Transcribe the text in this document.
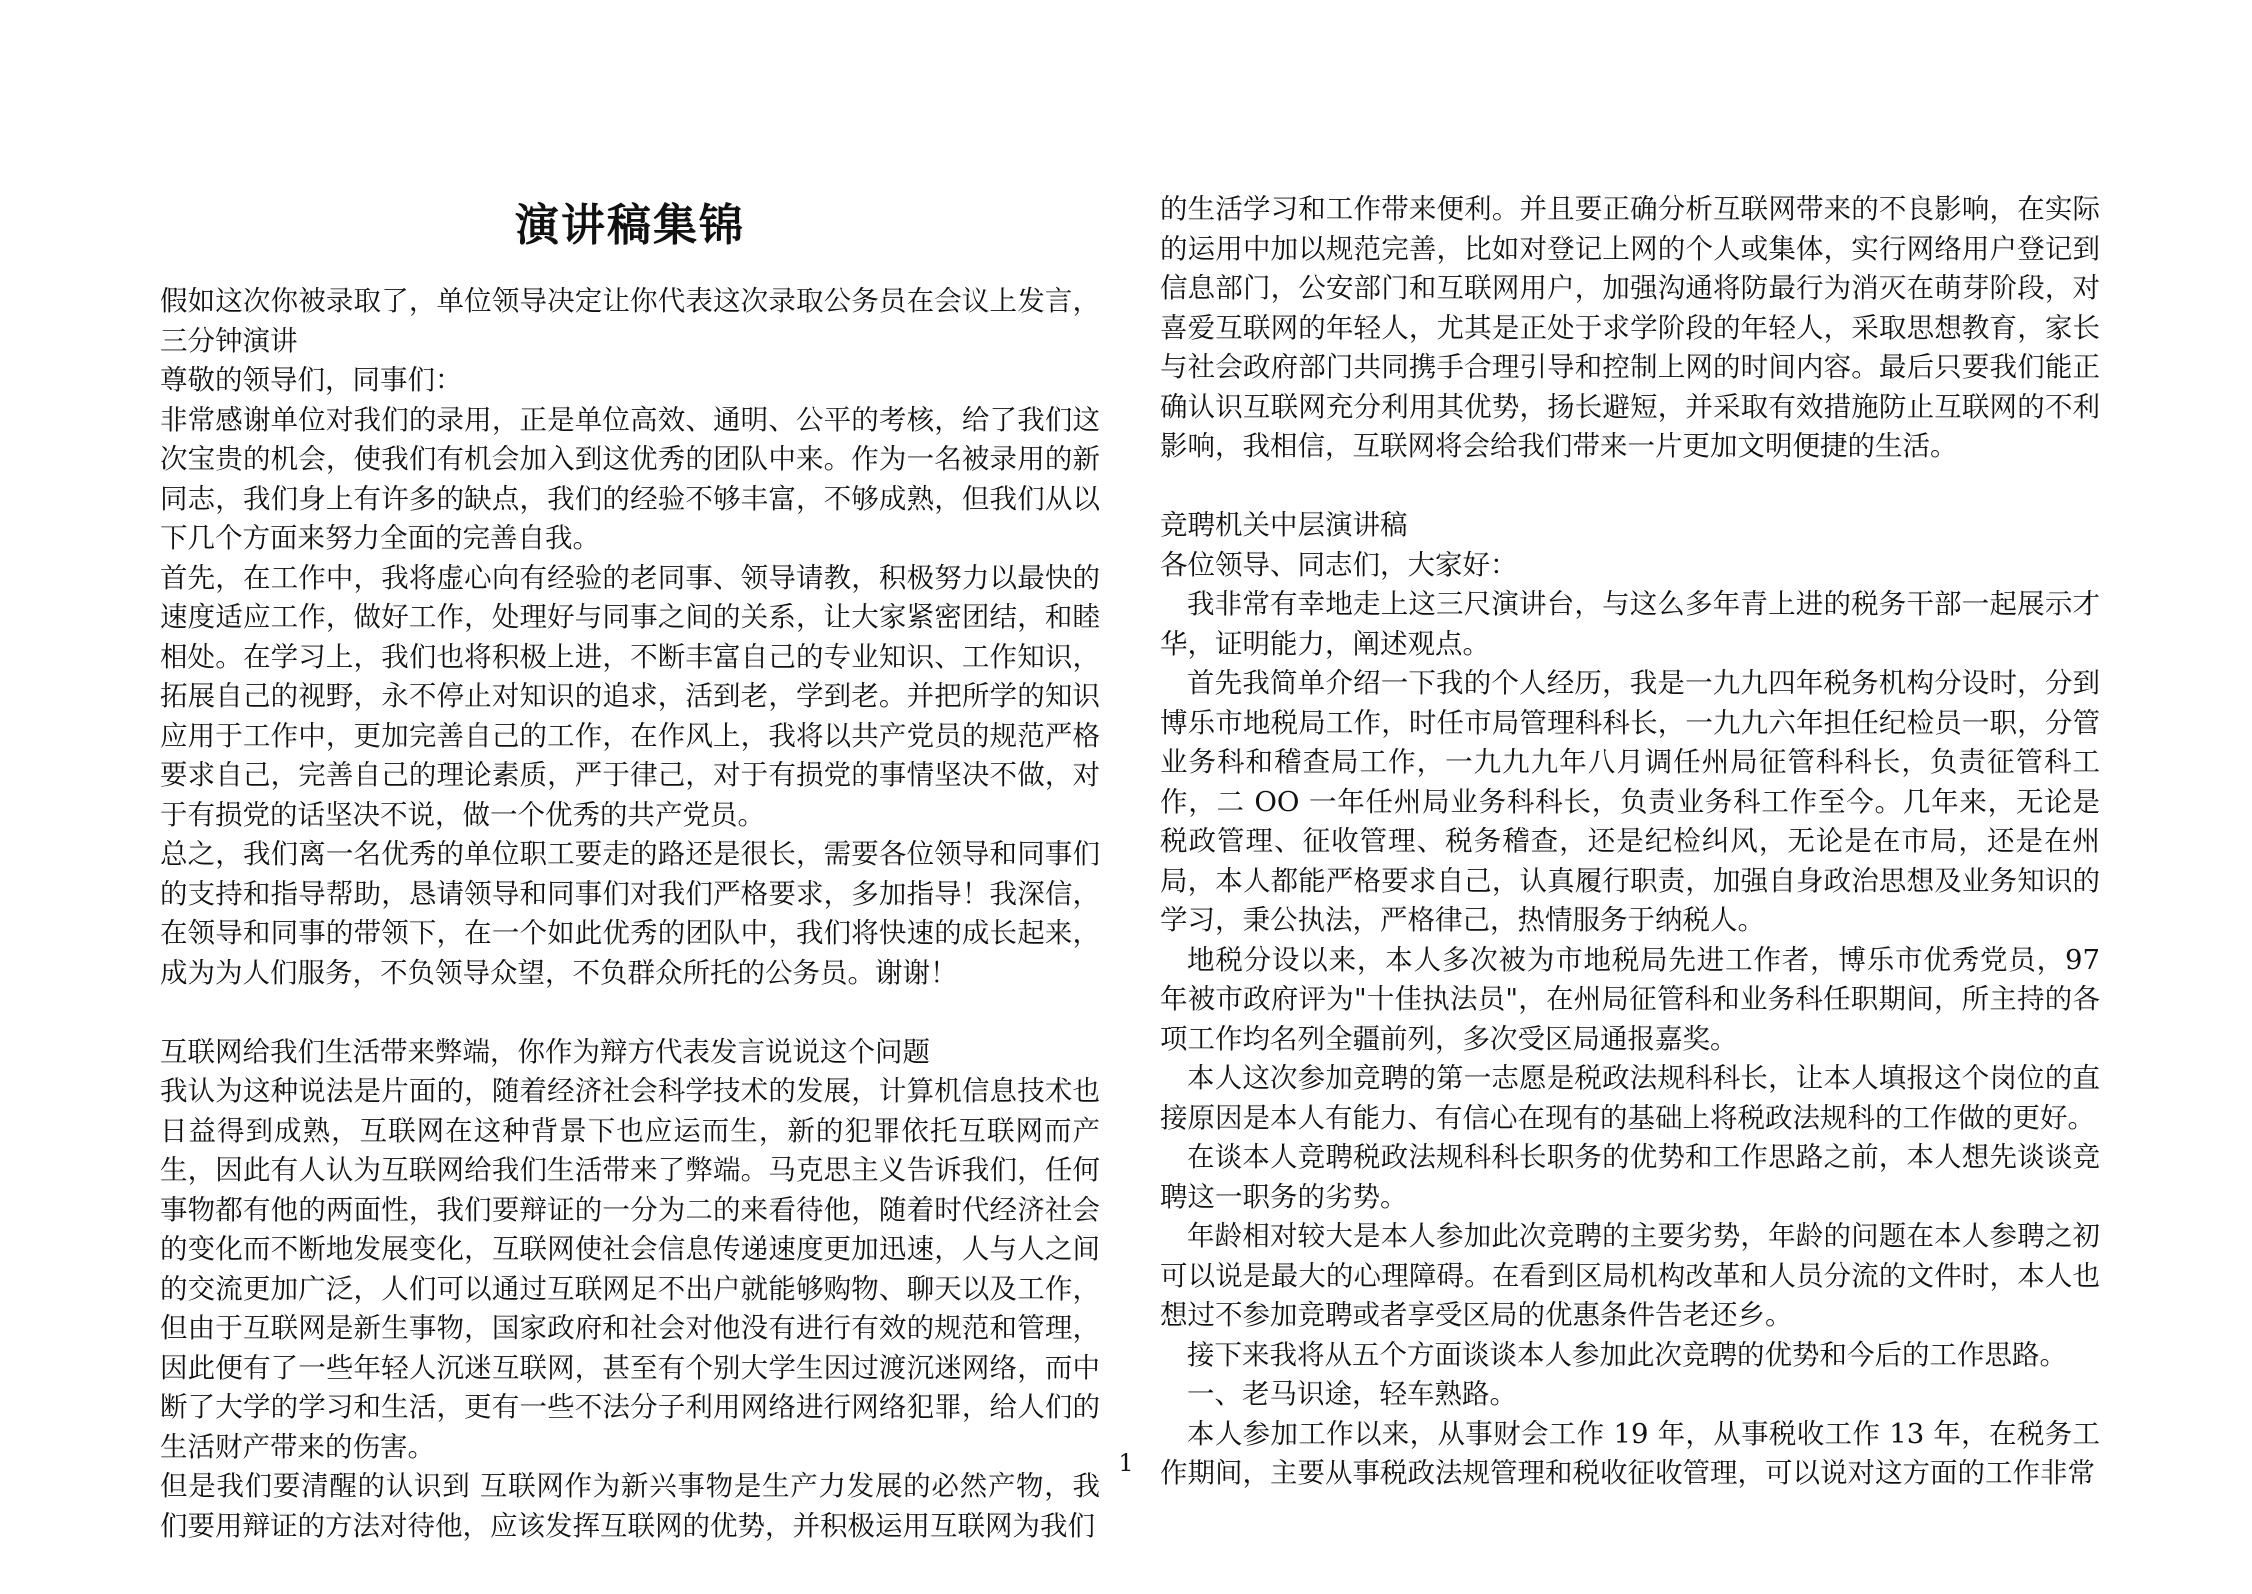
演讲稿集锦

假如这次你被录取了，单位领导决定让你代表这次录取公务员在会议上发言，三分钟演讲

尊敬的领导们，同事们：

非常感谢单位对我们的录用，正是单位高效、通明、公平的考核，给了我们这次宝贵的机会，使我们有机会加入到这优秀的团队中来。作为一名被录用的新同志，我们身上有许多的缺点，我们的经验不够丰富，不够成熟，但我们从以下几个方面来努力全面的完善自我。

首先，在工作中，我将虚心向有经验的老同事、领导请教，积极努力以最快的速度适应工作，做好工作，处理好与同事之间的关系，让大家紧密团结，和睦相处。在学习上，我们也将积极上进，不断丰富自己的专业知识、工作知识，拓展自己的视野，永不停止对知识的追求，活到老，学到老。并把所学的知识应用于工作中，更加完善自己的工作，在作风上，我将以共产党员的规范严格要求自己，完善自己的理论素质，严于律己，对于有损党的事情坚决不做，对于有损党的话坚决不说，做一个优秀的共产党员。

总之，我们离一名优秀的单位职工要走的路还是很长，需要各位领导和同事们的支持和指导帮助，恳请领导和同事们对我们严格要求，多加指导！我深信，在领导和同事的带领下，在一个如此优秀的团队中，我们将快速的成长起来，成为为人们服务，不负领导众望，不负群众所托的公务员。谢谢！

互联网给我们生活带来弊端，你作为辩方代表发言说说这个问题

我认为这种说法是片面的，随着经济社会科学技术的发展，计算机信息技术也日益得到成熟，互联网在这种背景下也应运而生，新的犯罪依托互联网而产生，因此有人认为互联网给我们生活带来了弊端。马克思主义告诉我们，任何事物都有他的两面性，我们要辩证的一分为二的来看待他，随着时代经济社会的变化而不断地发展变化，互联网使社会信息传递速度更加迅速，人与人之间的交流更加广泛，人们可以通过互联网足不出户就能够购物、聊天以及工作，但由于互联网是新生事物，国家政府和社会对他没有进行有效的规范和管理，因此便有了一些年轻人沉迷互联网，甚至有个别大学生因过渡沉迷网络，而中断了大学的学习和生活，更有一些不法分子利用网络进行网络犯罪，给人们的生活财产带来的伤害。

但是我们要清醒的认识到 互联网作为新兴事物是生产力发展的必然产物，我们要用辩证的方法对待他，应该发挥互联网的优势，并积极运用互联网为我们

的生活学习和工作带来便利。并且要正确分析互联网带来的不良影响，在实际的运用中加以规范完善，比如对登记上网的个人或集体，实行网络用户登记到信息部门，公安部门和互联网用户，加强沟通将防最行为消灭在萌芽阶段，对喜爱互联网的年轻人，尤其是正处于求学阶段的年轻人，采取思想教育，家长与社会政府部门共同携手合理引导和控制上网的时间内容。最后只要我们能正确认识互联网充分利用其优势，扬长避短，并采取有效措施防止互联网的不利影响，我相信，互联网将会给我们带来一片更加文明便捷的生活。

竞聘机关中层演讲稿

各位领导、同志们，大家好：

我非常有幸地走上这三尺演讲台，与这么多年青上进的税务干部一起展示才华，证明能力，阐述观点。

首先我简单介绍一下我的个人经历，我是一九九四年税务机构分设时，分到博乐市地税局工作，时任市局管理科科长，一九九六年担任纪检员一职，分管业务科和稽查局工作，一九九九年八月调任州局征管科科长，负责征管科工作，二 OO 一年任州局业务科科长，负责业务科工作至今。几年来，无论是税政管理、征收管理、税务稽查，还是纪检纠风，无论是在市局，还是在州局，本人都能严格要求自己，认真履行职责，加强自身政治思想及业务知识的学习，秉公执法，严格律己，热情服务于纳税人。

地税分设以来，本人多次被为市地税局先进工作者，博乐市优秀党员，97年被市政府评为"十佳执法员"，在州局征管科和业务科任职期间，所主持的各项工作均名列全疆前列，多次受区局通报嘉奖。

本人这次参加竞聘的第一志愿是税政法规科科长，让本人填报这个岗位的直接原因是本人有能力、有信心在现有的基础上将税政法规科的工作做的更好。

在谈本人竞聘税政法规科科长职务的优势和工作思路之前，本人想先谈谈竞聘这一职务的劣势。

年龄相对较大是本人参加此次竞聘的主要劣势，年龄的问题在本人参聘之初可以说是最大的心理障碍。在看到区局机构改革和人员分流的文件时，本人也想过不参加竞聘或者享受区局的优惠条件告老还乡。

接下来我将从五个方面谈谈本人参加此次竞聘的优势和今后的工作思路。

一、老马识途，轻车熟路。

本人参加工作以来，从事财会工作 19 年，从事税收工作 13 年，在税务工作期间，主要从事税政法规管理和税收征收管理，可以说对这方面的工作非常

1
